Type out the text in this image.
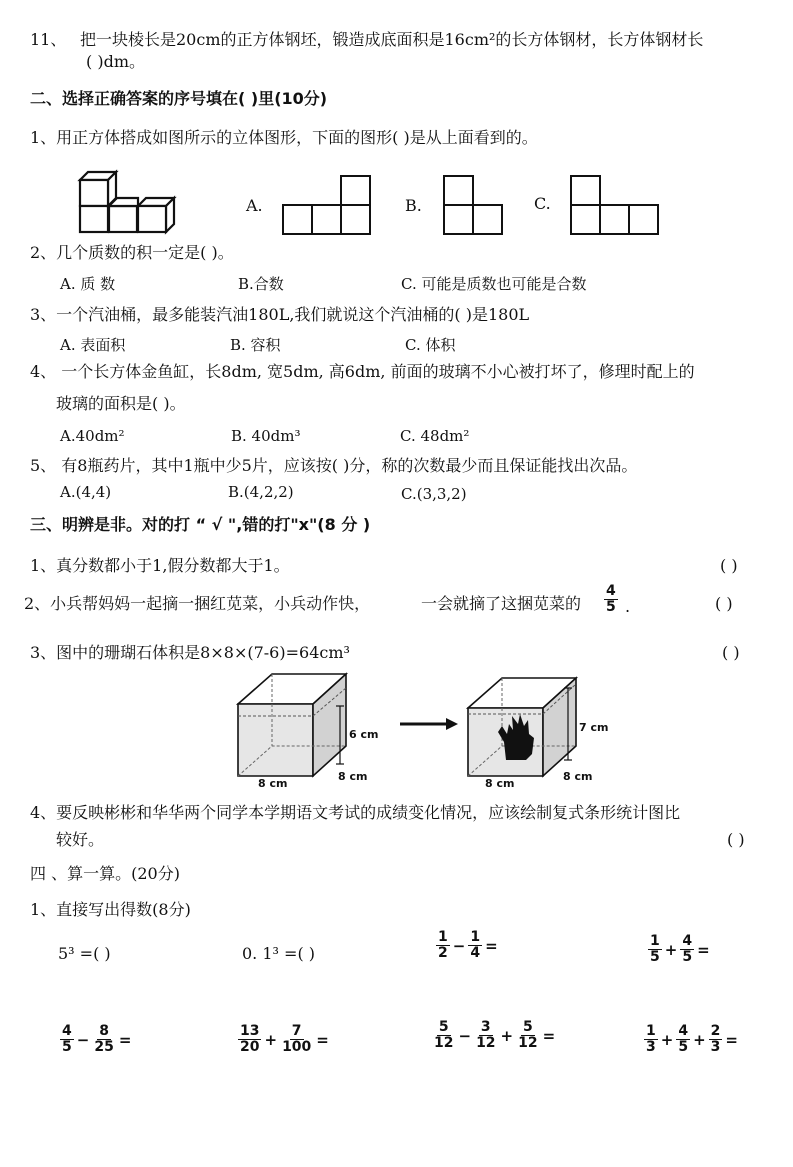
11、 把一块棱长是20cm的正方体钢坯，锻造成底面积是16cm²的长方体钢材，长方体钢材长
( )dm。
二、选择正确答案的序号填在( )里(10分)
1、用正方体搭成如图所示的立体图形，下面的图形( )是从上面看到的。
A.	B.	C.
2、几个质数的积一定是( )。
A. 质 数	B.合数	C. 可能是质数也可能是合数
3、一个汽油桶，最多能装汽油180L,我们就说这个汽油桶的( )是180L
A. 表面积	B. 容积	C. 体积
4、 一个长方体金鱼缸，长8dm, 宽5dm, 高6dm, 前面的玻璃不小心被打坏了，修理时配上的
玻璃的面积是( )。
A.40dm²	B. 40dm³	C. 48dm²
5、 有8瓶药片，其中1瓶中少5片，应该按( )分，称的次数最少而且保证能找出次品。
A.(4,4)	B.(4,2,2)	C.(3,3,2)
三、明辨是非。对的打 “ √ ",错的打"x"(8 分 )
1、真分数都小于1,假分数都大于1。	( )
2、小兵帮妈妈一起摘一捆红苋菜，小兵动作快，	一会就摘了这捆苋菜的 $\frac{4}{5}$ .	( )
3、图中的珊瑚石体积是8×8×(7-6)=64cm³	( )
6 cm
8 cm
8 cm
7 cm
8 cm
8 cm
4、要反映彬彬和华华两个同学本学期语文考试的成绩变化情况，应该绘制复式条形统计图比
较好。	( )
四 、算一算。(20分)
1、直接写出得数(8分)
5³ =( )	0. 1³ =( )	$\frac{1}{2} - \frac{1}{4}$ =	$\frac{1}{5} + \frac{4}{5}$ =
$\frac{4}{5} - \frac{8}{25}$ =	$\frac{13}{20} + \frac{7}{100}$ =	$\frac{5}{12} - \frac{3}{12} + \frac{5}{12}$ =	$\frac{1}{3} + \frac{4}{5} + \frac{2}{3}$ =
